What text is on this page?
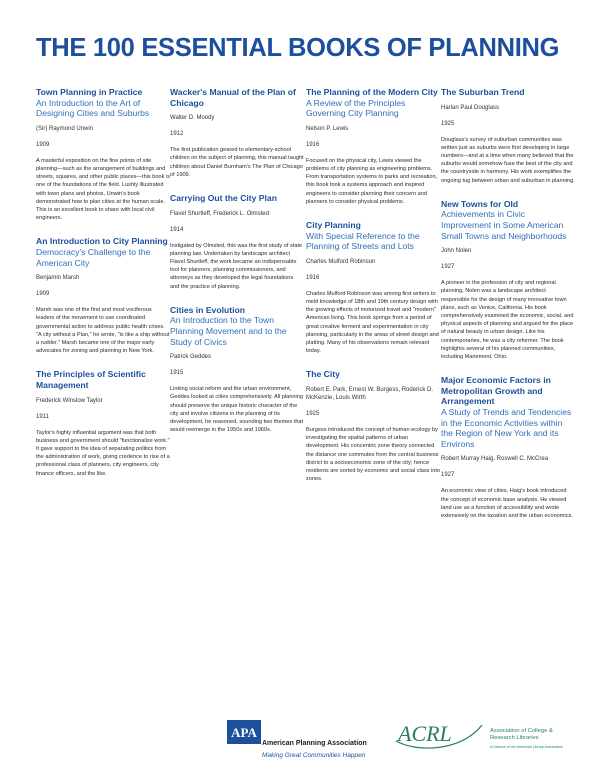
THE 100 ESSENTIAL BOOKS OF PLANNING
Town Planning in Practice
An Introduction to the Art of Designing Cities and Suburbs
(Sir) Raymond Unwin
1909
A masterful exposition on the fine points of site planning—such as the arrangement of buildings and streets, squares, and other public places—this book is one of the foundations of the field. Lushly illustrated with town plans and photos, Unwin's book demonstrated how to plan cities at the human scale. This is an excellent book to share with local civil engineers.
An Introduction to City Planning
Democracy's Challenge to the American City
Benjamin Marsh
1909
Marsh was one of the first and most vociferous leaders of the movement to use coordinated governmental action to address public health crises. "A city without a Plan," he wrote, "is like a ship without a rudder." Marsh became one of the major early advocates for zoning and planning in New York.
The Principles of Scientific Management
Frederick Winslow Taylor
1911
Taylor's highly influential argument was that both business and government should "functionalize work." It gave support to the idea of separating politics from the administration of work, giving credence to rise of a professional class of planners, city engineers, city finance officers, and the like.
Wacker's Manual of the Plan of Chicago
Walter D. Moody
1912
The first publication geared to elementary-school children on the subject of planning, this manual taught children about Daniel Burnham's The Plan of Chicago of 1909.
Carrying Out the City Plan
Flavel Shurtleff, Frederick L. Olmsted
1914
Instigated by Olmsted, this was the first study of state planning law. Undertaken by landscape architect Flavel Shurtleff, the work became an indispensable tool for planners, planning commissioners, and attorneys as they developed the legal foundations and the practice of planning.
Cities in Evolution
An Introduction to the Town Planning Movement and to the Study of Civics
Patrick Geddes
1915
Linking social reform and the urban environment, Geddes looked at cities comprehensively. All planning should preserve the unique historic character of the city and involve citizens in the planning of its development, he reasoned, sounding two themes that would reemerge in the 1950s and 1960s.
The Planning of the Modern City
A Review of the Principles Governing City Planning
Nelson P. Lewis
1916
Focused on the physical city, Lewis viewed the problems of city planning as engineering problems. From transportation systems to parks and recreation, this book took a systems approach and inspired engineers to consider planning their concern and planners to consider physical problems.
City Planning
With Special Reference to the Planning of Streets and Lots
Charles Mulford Robinson
1916
Charles Mulford Robinson was among first writers to meld knowledge of 18th and 19th century design with the growing effects of motorized travel and "modern" American living. This book springs from a period of great creative ferment and experimentation in city planning, particularly in the areas of street design and platting. Many of his observations remain relevant today.
The City
Robert E. Park, Ernest W. Burgess, Roderick D. McKenzie, Louis Wirth
1925
Burgess introduced the concept of human ecology by investigating the spatial patterns of urban development. His concentric zone theory connected the distance one commutes from the central business district to a socioeconomic zone of the city; hence residents are sorted by economic and social class into zones.
The Suburban Trend
Harlan Paul Douglass
1925
Douglass's survey of suburban communities was written just as suburbs were first developing in large numbers—and at a time when many believed that the suburbs would somehow fuse the best of the city and the countryside in harmony. His work exemplifies the ongoing tug between urban and suburban in planning.
New Towns for Old
Achievements in Civic Improvement in Some American Small Towns and Neighborhoods
John Nolen
1927
A pioneer in the profession of city and regional planning, Nolen was a landscape architect responsible for the design of many innovative town plans, such as Venice, California. His book comprehensively examined the economic, social, and physical aspects of planning and argued for the place of natural beauty in urban design. Like his contemporaries, he was a city reformer. The book highlights several of his planned communities, including Mariemont, Ohio.
Major Economic Factors in Metropolitan Growth and Arrangement
A Study of Trends and Tendencies in the Economic Activities within the Region of New York and its Environs
Robert Murray Haig, Roswell C. McCrea
1927
An economic view of cities, Haig's book introduced the concept of economic base analysis. He viewed land use as a function of accessibility and wrote extensively on the taxation and the urban economics.
APA
American Planning Association
Making Great Communities Happen
ACRL	Association of College & Research Libraries
A Division of the American Library Association
